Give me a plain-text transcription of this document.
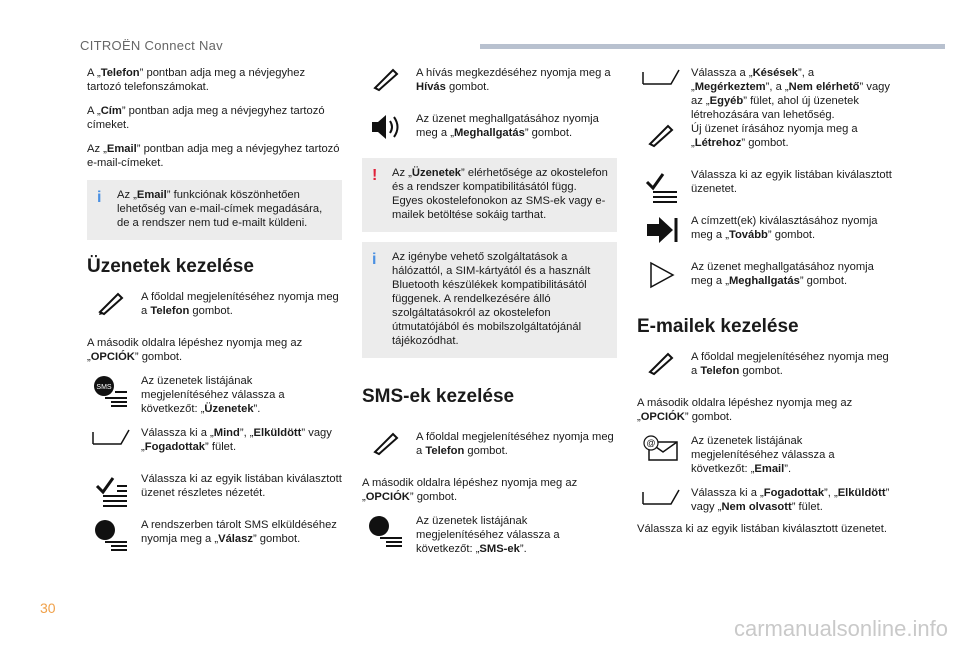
CITROËN Connect Nav

A „Telefon” pontban adja meg a névjegyhez tartozó telefonszámokat.

A „Cím” pontban adja meg a névjegyhez tartozó címeket.

Az „Email” pontban adja meg a névjegyhez tartozó e-mail-címeket.

i Az „Email” funkciónak köszönhetően lehetőség van e-mail-címek megadására, de a rendszer nem tud e-mailt küldeni.
Üzenetek kezelése
A főoldal megjelenítéséhez nyomja meg a Telefon gombot.

A második oldalra lépéshez nyomja meg az „OPCIÓK” gombot.

SMS
Az üzenetek listájának megjelenítéséhez válassza a következőt: „Üzenetek”.
Válassza ki a „Mind”, „Elküldött” vagy „Fogadottak” fület.
Válassza ki az egyik listában kiválasztott üzenet részletes nézetét.
A rendszerben tárolt SMS elküldéséhez nyomja meg a „Válasz” gombot.
A hívás megkezdéséhez nyomja meg a Hívás gombot.
Az üzenet meghallgatásához nyomja meg a „Meghallgatás” gombot.
! Az „Üzenetek” elérhetősége az okostelefon és a rendszer kompatibilitásától függ. Egyes okostelefonokon az SMS-ek vagy e-mailek betöltése sokáig tarthat.
i Az igénybe vehető szolgáltatások a hálózattól, a SIM-kártyától és a használt Bluetooth készülékek kompatibilitásától függenek. A rendelkezésére álló szolgáltatásokról az okostelefon útmutatójából és mobilszolgáltatójánál tájékozódhat.
SMS-ek kezelése
A főoldal megjelenítéséhez nyomja meg a Telefon gombot.

A második oldalra lépéshez nyomja meg az „OPCIÓK” gombot.

Az üzenetek listájának megjelenítéséhez válassza a következőt: „SMS-ek”.
Válassza a „Késések”, a „Megérkeztem”, a „Nem elérhető” vagy az „Egyéb” fület, ahol új üzenetek létrehozására van lehetőség.
Új üzenet írásához nyomja meg a „Létrehoz” gombot.
Válassza ki az egyik listában kiválasztott üzenetet.
A címzett(ek) kiválasztásához nyomja meg a „Tovább” gombot.
Az üzenet meghallgatásához nyomja meg a „Meghallgatás” gombot.
E-mailek kezelése
A főoldal megjelenítéséhez nyomja meg a Telefon gombot.

A második oldalra lépéshez nyomja meg az „OPCIÓK” gombot.

@	Az üzenetek listájának megjelenítéséhez válassza a következőt: „Email”.
Válassza ki a „Fogadottak”, „Elküldött” vagy „Nem olvasott” fület.

Válassza ki az egyik listában kiválasztott üzenetet.

30
carmanualsonline.info
